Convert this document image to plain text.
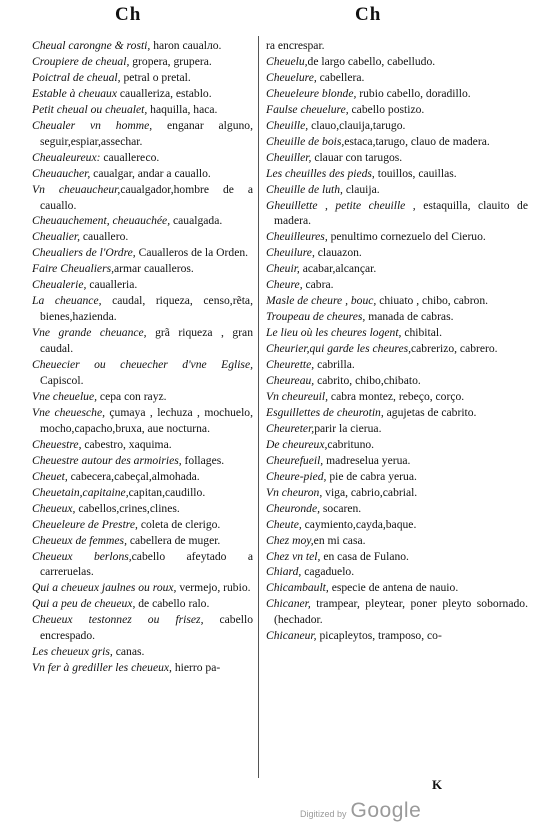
Ch	Ch
Cheual carongne & rosti, haron caualло.
Croupiere de cheual, gropera, grupera.
Poictral de cheual, petral o pretal.
Estable à cheuaux caualleriza, establo.
Petit cheual ou cheualet, haquilla, haca.
Cheualer vn homme, enganar alguno, seguir,espiar,assechar.
Cheualeureux: cauallerесo.
Cheuaucher, caualgar, andar a cauallo.
Vn cheuaucheur,caualgador,hombre de a cauallo.
Cheuauchement, cheuauchée, caualgada.
Cheualier, cauallero.
Cheualiers de l'Ordre, Caualleros de la Orden.
Faire Cheualiers,armar caualleros.
Cheualerie, caualleria.
La cheuance, caudal, riqueza, censo,rẽta, bienes,hazienda.
Vne grande cheuance, grã riqueza , gran caudal.
Cheuecier ou cheuecher d'vne Eglise, Capiscol.
Vne cheuelue, cepa con rayz.
Vne cheuesche, çumaya , lechuza , mochuelo, mocho,capacho,bruxa, aue nocturna.
Cheuestre, cabestro, xaquima.
Cheuestre autour des armoiries, follages.
Cheuet, cabecera,cabeçal,almohada.
Cheuetain,capitaine,capitan,caudillo.
Cheueux, cabellos,crines,clines.
Cheueleure de Prestre, coleta de clerigo.
Cheueux de femmes, cabellera de muger.
Cheueux berlons,cabello afeytado a carreruelas.
Qui a cheueux jaulnes ou roux, vermejo, rubio.
Qui a peu de cheueux, de cabello ralo.
Cheueux testonnez ou frisez, cabello encrespado.
Les cheueux gris, canas.
Vn fer à grediller les cheueux, hierro pa-
ra encrespar.
Cheuelu,de largo cabello, cabelludo.
Cheuelure, cabellera.
Cheueleure blonde, rubio cabello, doradillo.
Faulse cheuelure, cabello postizo.
Cheuille, clauo,clauija,tarugo.
Cheuille de bois,estaca,tarugo, clauo de madera.
Cheuiller, clauar con tarugos.
Les cheuilles des pieds, touillos, cauillas.
Cheuille de luth, clauija.
Gheuillette , petite cheuille , estaquilla, clauito de madera.
Cheuilleures, penultimo cornezuelo del Cieruo.
Cheuilure, clauazon.
Cheuir, acabar,alcançar.
Cheure, cabra.
Masle de cheure , bouc, chiuato , chibo, cabron.
Troupeau de cheures, manada de cabras.
Le lieu où les cheures logent, chibital.
Cheurier,qui garde les cheures,cabrerizo, cabrero.
Cheurette, cabrilla.
Cheureau, cabrito, chibo,chibato.
Vn cheureuil, cabra montez, rebeço, corço.
Esguillettes de cheurotin, agujetas de cabrito.
Cheureter,parir la cierua.
De cheureux,cabrituno.
Cheurefueil, madreselua yerua.
Cheure-pied, pie de cabra yerua.
Vn cheuron, viga, cabrio,cabrial.
Cheuronde, socaren.
Cheute, caymiento,cayda,baque.
Chez moy,en mi casa.
Chez vn tel, en casa de Fulano.
Chiard, cagaduelo.
Chicambault, especie de antena de nauio.
Chicaner, trampear, pleytear, poner pleyto sobornado. (hechador.
Chicaneur, picapleytos, tramposo, co-
K
Digitized by Google
